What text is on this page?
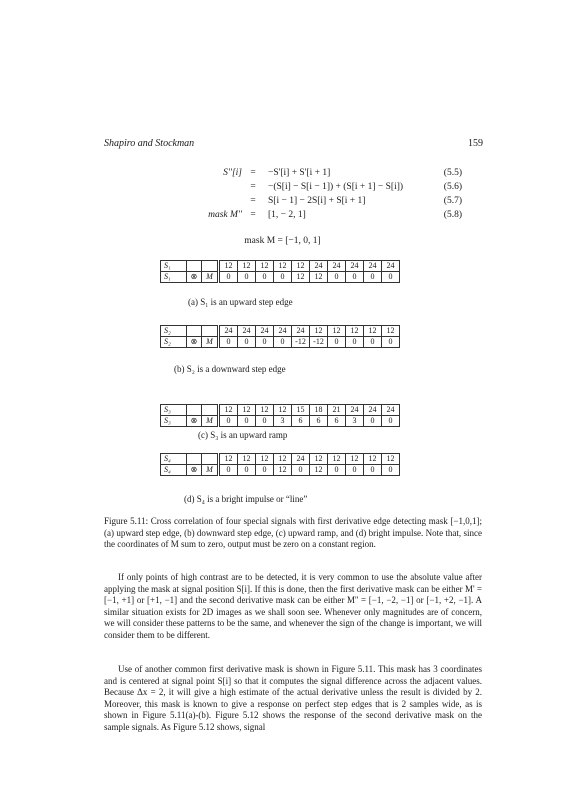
Shapiro and Stockman	159
S''[i] =	−S'[i] + S'[i + 1]	(5.5)
=	−(S[i] − S[i − 1]) + (S[i + 1] − S[i])	(5.6)
=	S[i − 1] − 2S[i] + S[i + 1]	(5.7)
mask M'' =	[1, − 2, 1]	(5.8)
mask M = [−1, 0, 1]
S₁			12	12	12	12	12	24	24	24	24	24
S₁	⊗	M	0	0	0	0	12	12	0	0	0	0
(a) S₁ is an upward step edge
S₂			24	24	24	24	24	12	12	12	12	12
S₂	⊗	M	0	0	0	0	-12	-12	0	0	0	0
(b) S₂ is a downward step edge
S₃			12	12	12	12	15	18	21	24	24	24
S₃	⊗	M	0	0	0	3	6	6	6	3	0	0
(c) S₃ is an upward ramp
S₄			12	12	12	12	24	12	12	12	12	12
S₄	⊗	M	0	0	0	12	0	12	0	0	0	0
(d) S₄ is a bright impulse or “line”
Figure 5.11: Cross correlation of four special signals with first derivative edge detecting mask [−1,0,1]; (a) upward step edge, (b) downward step edge, (c) upward ramp, and (d) bright impulse. Note that, since the coordinates of M sum to zero, output must be zero on a constant region.
If only points of high contrast are to be detected, it is very common to use the absolute value after applying the mask at signal position S[i]. If this is done, then the first derivative mask can be either M' = [−1, +1] or [+1, −1] and the second derivative mask can be either M'' = [−1, −2, −1] or [−1, +2, −1]. A similar situation exists for 2D images as we shall soon see. Whenever only magnitudes are of concern, we will consider these patterns to be the same, and whenever the sign of the change is important, we will consider them to be different.
Use of another common first derivative mask is shown in Figure 5.11. This mask has 3 coordinates and is centered at signal point S[i] so that it computes the signal difference across the adjacent values. Because Δx = 2, it will give a high estimate of the actual derivative unless the result is divided by 2. Moreover, this mask is known to give a response on perfect step edges that is 2 samples wide, as is shown in Figure 5.11(a)-(b). Figure 5.12 shows the response of the second derivative mask on the sample signals. As Figure 5.12 shows, signal
